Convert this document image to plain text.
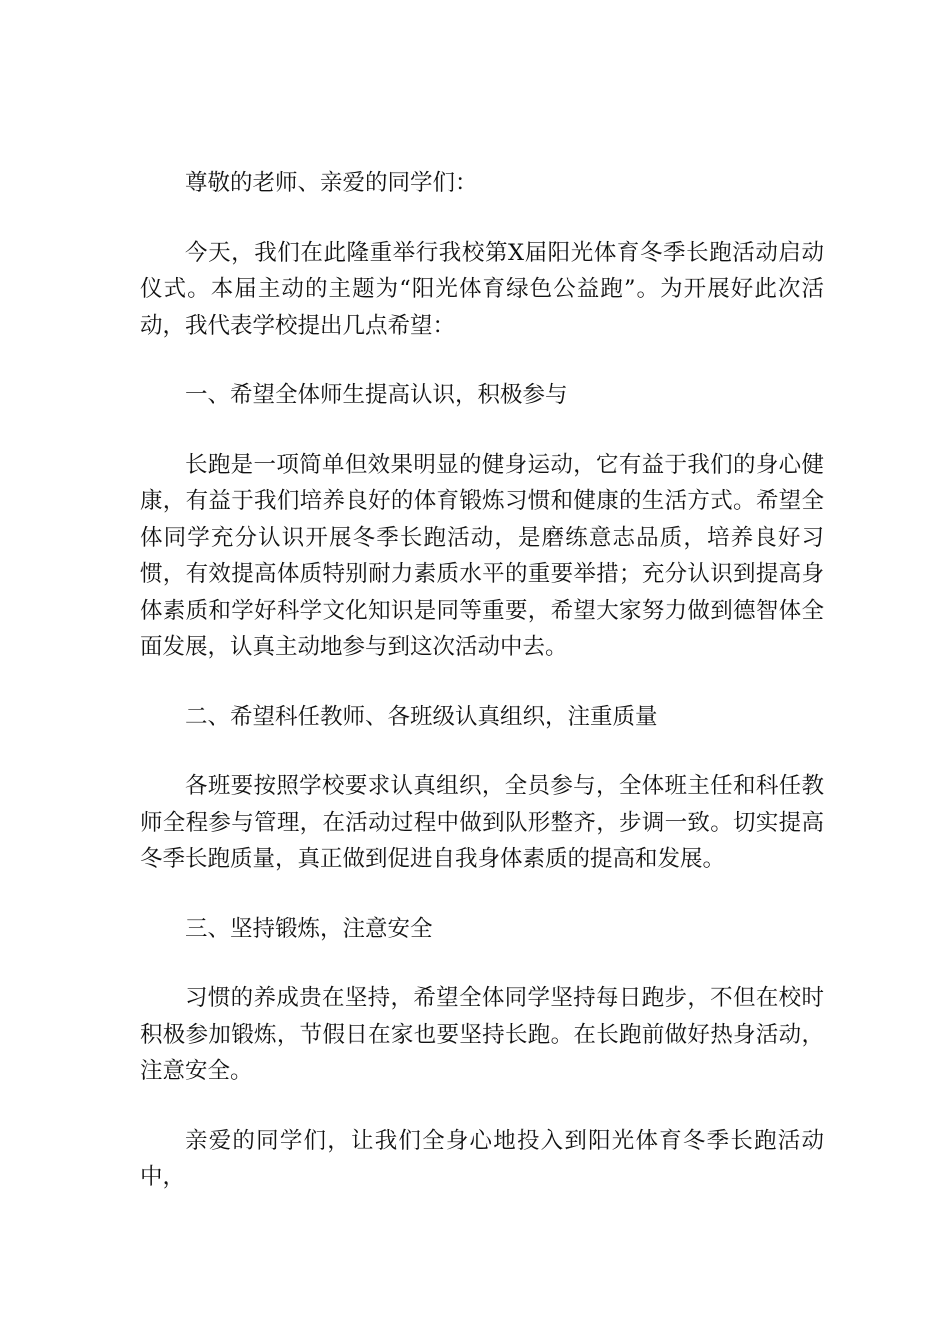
尊敬的老师、亲爱的同学们：

今天，我们在此隆重举行我校第X届阳光体育冬季长跑活动启动仪式。本届主动的主题为“阳光体育绿色公益跑”。为开展好此次活动，我代表学校提出几点希望：

一、希望全体师生提高认识，积极参与

长跑是一项简单但效果明显的健身运动，它有益于我们的身心健康，有益于我们培养良好的体育锻炼习惯和健康的生活方式。希望全体同学充分认识开展冬季长跑活动，是磨练意志品质，培养良好习惯，有效提高体质特别耐力素质水平的重要举措；充分认识到提高身体素质和学好科学文化知识是同等重要，希望大家努力做到德智体全面发展，认真主动地参与到这次活动中去。

二、希望科任教师、各班级认真组织，注重质量

各班要按照学校要求认真组织，全员参与，全体班主任和科任教师全程参与管理，在活动过程中做到队形整齐，步调一致。切实提高冬季长跑质量，真正做到促进自我身体素质的提高和发展。

三、坚持锻炼，注意安全

习惯的养成贵在坚持，希望全体同学坚持每日跑步，不但在校时积极参加锻炼，节假日在家也要坚持长跑。在长跑前做好热身活动，注意安全。

亲爱的同学们，让我们全身心地投入到阳光体育冬季长跑活动中，
